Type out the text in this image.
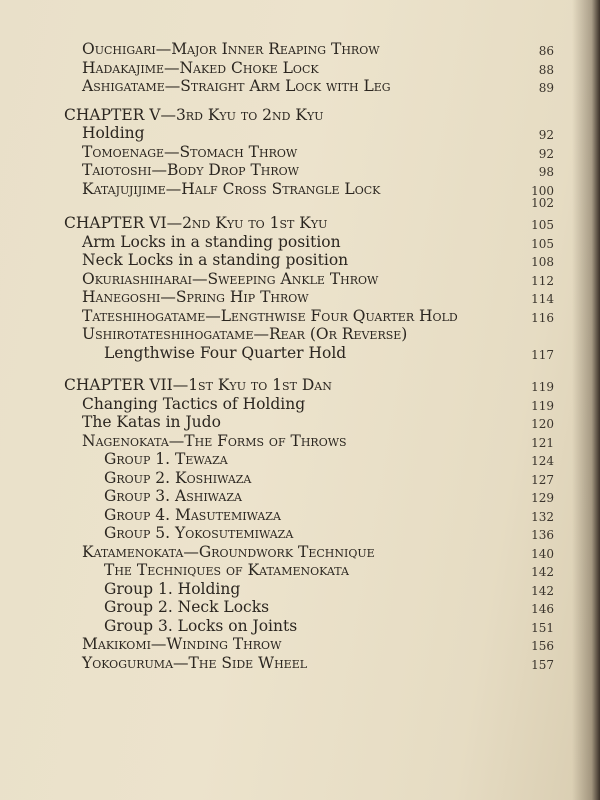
Ouchigari—Major Inner Reaping Throw	86
Hadakajime—Naked Choke Lock	88
Ashigatame—Straight Arm Lock with Leg	89
CHAPTER V—3rd Kyu to 2nd Kyu
Holding	92
Tomoenage—Stomach Throw	92
Taiotoshi—Body Drop Throw	98
Katajujijime—Half Cross Strangle Lock	100
102
CHAPTER VI—2nd Kyu to 1st Kyu	105
Arm Locks in a standing position	105
Neck Locks in a standing position	108
Okuriashiharai—Sweeping Ankle Throw	112
Hanegoshi—Spring Hip Throw	114
Tateshihogatame—Lengthwise Four Quarter Hold	116
Ushirotateshihogatame—Rear (Or Reverse)
Lengthwise Four Quarter Hold	117
CHAPTER VII—1st Kyu to 1st Dan	119
Changing Tactics of Holding	119
The Katas in Judo	120
Nagenokata—The Forms of Throws	121
Group 1. Tewaza	124
Group 2. Koshiwaza	127
Group 3. Ashiwaza	129
Group 4. Masutemiwaza	132
Group 5. Yokosutemiwaza	136
Katamenokata—Groundwork Technique	140
The Techniques of Katamenokata	142
Group 1. Holding	142
Group 2. Neck Locks	146
Group 3. Locks on Joints	151
Makikomi—Winding Throw	156
Yokoguruma—The Side Wheel	157
